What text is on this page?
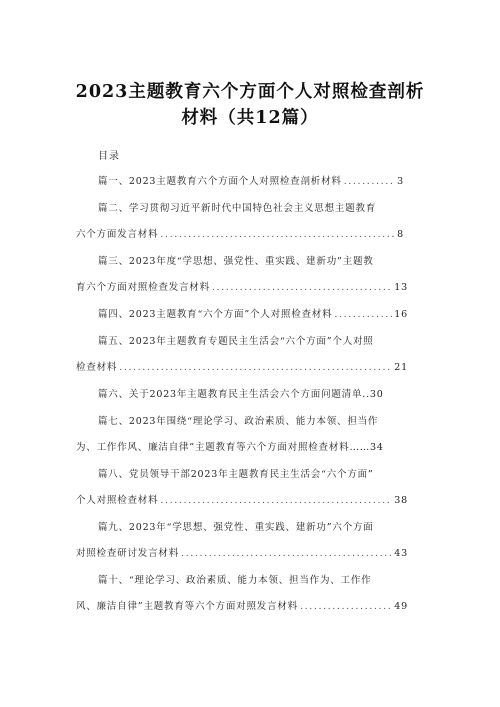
2023主题教育六个方面个人对照检查剖析
材料（共12篇）
目录
篇一、2023主题教育六个方面个人对照检查剖析材料 .....	3
篇二、学习贯彻习近平新时代中国特色社会主义思想主题教育
六个方面发言材料 .....	8
篇三、2023年度“学思想、强党性、重实践、建新功”主题教
育六个方面对照检查发言材料 .....	13
篇四、2023主题教育“六个方面”个人对照检查材料 .....	16
篇五、2023年主题教育专题民主生活会“六个方面”个人对照
检查材料 .....	21
篇六、关于2023年主题教育民主生活会六个方面问题清单..30
篇七、2023年围绕“理论学习、政治素质、能力本领、担当作
为、工作作风、廉洁自律”主题教育等六个方面对照检查材料……34
篇八、党员领导干部2023年主题教育民主生活会“六个方面”
个人对照检查材料 .....	38
篇九、2023年“学思想、强党性、重实践、建新功”六个方面
对照检查研讨发言材料 .....	43
篇十、“理论学习、政治素质、能力本领、担当作为、工作作
风、廉洁自律”主题教育等六个方面对照发言材料 .....	49
